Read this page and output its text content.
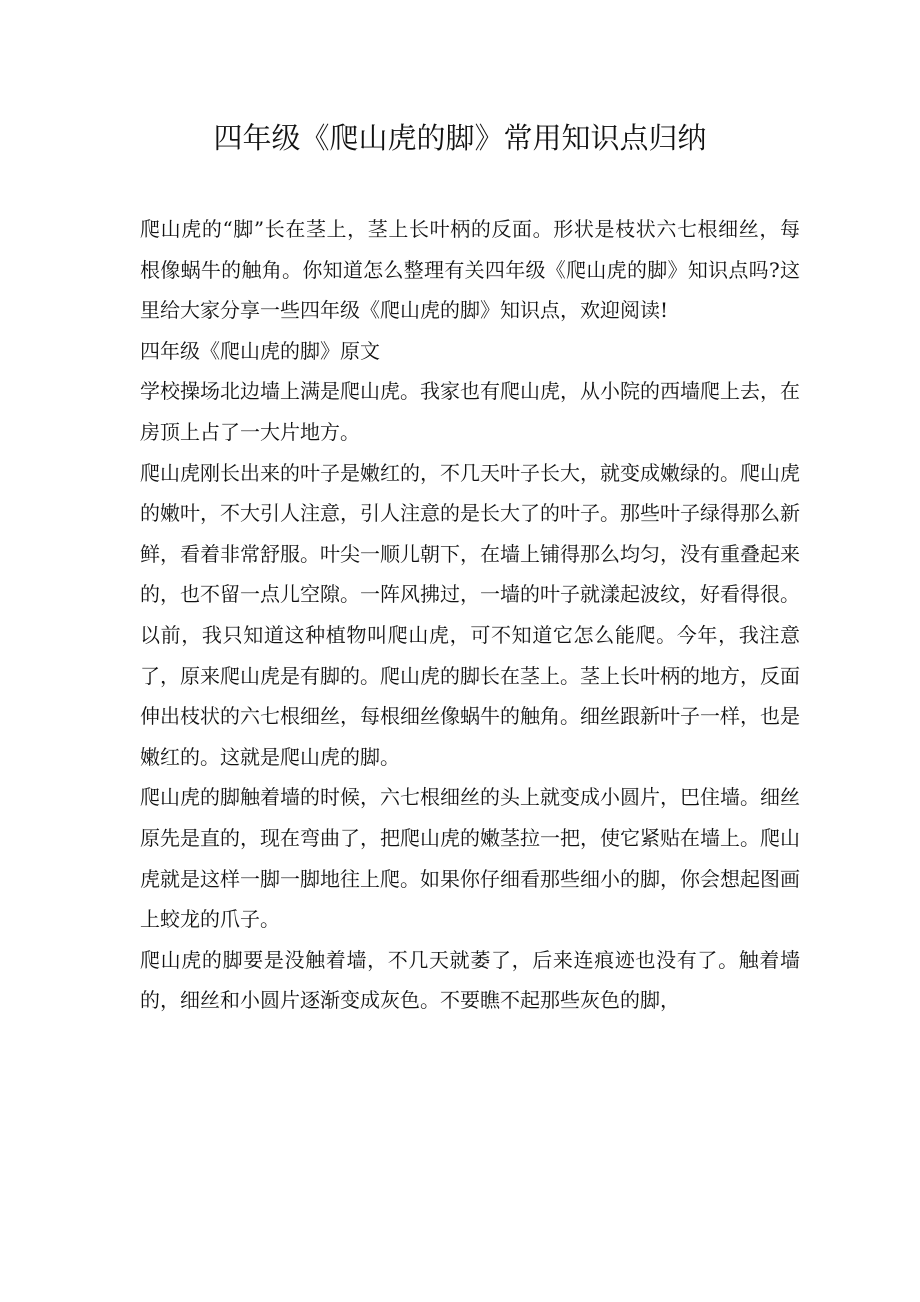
四年级《爬山虎的脚》常用知识点归纳

爬山虎的“脚”长在茎上，茎上长叶柄的反面。形状是枝状六七根细丝，每根像蜗牛的触角。你知道怎么整理有关四年级《爬山虎的脚》知识点吗?这里给大家分享一些四年级《爬山虎的脚》知识点，欢迎阅读!

四年级《爬山虎的脚》原文

学校操场北边墙上满是爬山虎。我家也有爬山虎，从小院的西墙爬上去，在房顶上占了一大片地方。

爬山虎刚长出来的叶子是嫩红的，不几天叶子长大，就变成嫩绿的。爬山虎的嫩叶，不大引人注意，引人注意的是长大了的叶子。那些叶子绿得那么新鲜，看着非常舒服。叶尖一顺儿朝下，在墙上铺得那么均匀，没有重叠起来的，也不留一点儿空隙。一阵风拂过，一墙的叶子就漾起波纹，好看得很。

以前，我只知道这种植物叫爬山虎，可不知道它怎么能爬。今年，我注意了，原来爬山虎是有脚的。爬山虎的脚长在茎上。茎上长叶柄的地方，反面伸出枝状的六七根细丝，每根细丝像蜗牛的触角。细丝跟新叶子一样，也是嫩红的。这就是爬山虎的脚。

爬山虎的脚触着墙的时候，六七根细丝的头上就变成小圆片，巴住墙。细丝原先是直的，现在弯曲了，把爬山虎的嫩茎拉一把，使它紧贴在墙上。爬山虎就是这样一脚一脚地往上爬。如果你仔细看那些细小的脚，你会想起图画上蛟龙的爪子。

爬山虎的脚要是没触着墙，不几天就萎了，后来连痕迹也没有了。触着墙的，细丝和小圆片逐渐变成灰色。不要瞧不起那些灰色的脚，
